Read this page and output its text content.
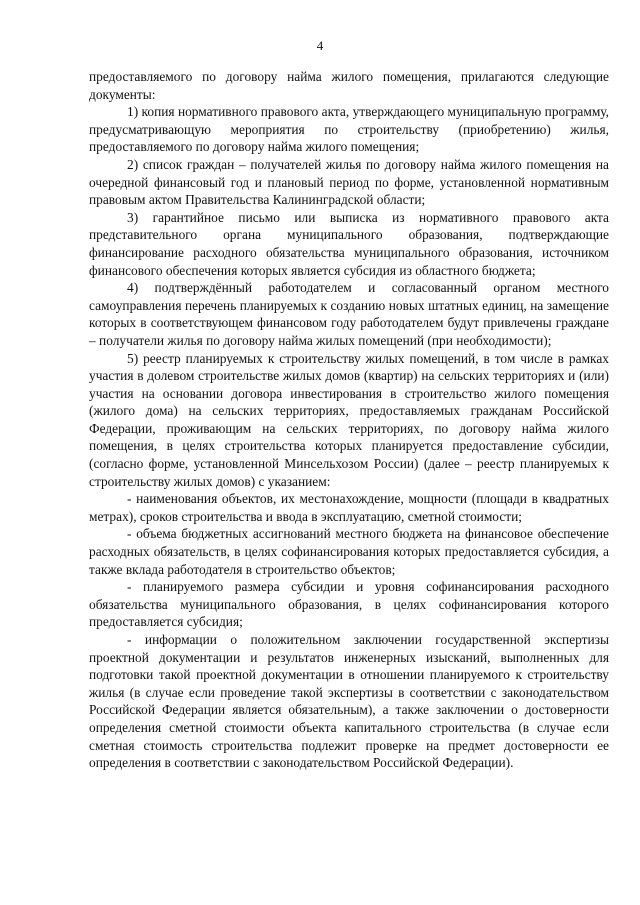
4

предоставляемого по договору найма жилого помещения, прилагаются следующие документы:

1) копия нормативного правового акта, утверждающего муниципальную программу, предусматривающую мероприятия по строительству (приобретению) жилья, предоставляемого по договору найма жилого помещения;

2) список граждан – получателей жилья по договору найма жилого помещения на очередной финансовый год и плановый период по форме, установленной нормативным правовым актом Правительства Калининградской области;

3) гарантийное письмо или выписка из нормативного правового акта представительного органа муниципального образования, подтверждающие финансирование расходного обязательства муниципального образования, источником финансового обеспечения которых является субсидия из областного бюджета;

4) подтверждённый работодателем и согласованный органом местного самоуправления перечень планируемых к созданию новых штатных единиц, на замещение которых в соответствующем финансовом году работодателем будут привлечены граждане – получатели жилья по договору найма жилых помещений (при необходимости);

5) реестр планируемых к строительству жилых помещений, в том числе в рамках участия в долевом строительстве жилых домов (квартир) на сельских территориях и (или) участия на основании договора инвестирования в строительство жилого помещения (жилого дома) на сельских территориях, предоставляемых гражданам Российской Федерации, проживающим на сельских территориях, по договору найма жилого помещения, в целях строительства которых планируется предоставление субсидии, (согласно форме, установленной Минсельхозом России) (далее – реестр планируемых к строительству жилых домов) с указанием:

- наименования объектов, их местонахождение, мощности (площади в квадратных метрах), сроков строительства и ввода в эксплуатацию, сметной стоимости;

- объема бюджетных ассигнований местного бюджета на финансовое обеспечение расходных обязательств, в целях софинансирования которых предоставляется субсидия, а также вклада работодателя в строительство объектов;

- планируемого размера субсидии и уровня софинансирования расходного обязательства муниципального образования, в целях софинансирования которого предоставляется субсидия;

- информации о положительном заключении государственной экспертизы проектной документации и результатов инженерных изысканий, выполненных для подготовки такой проектной документации в отношении планируемого к строительству жилья (в случае если проведение такой экспертизы в соответствии с законодательством Российской Федерации является обязательным), а также заключении о достоверности определения сметной стоимости объекта капитального строительства (в случае если сметная стоимость строительства подлежит проверке на предмет достоверности ее определения в соответствии с законодательством Российской Федерации).
